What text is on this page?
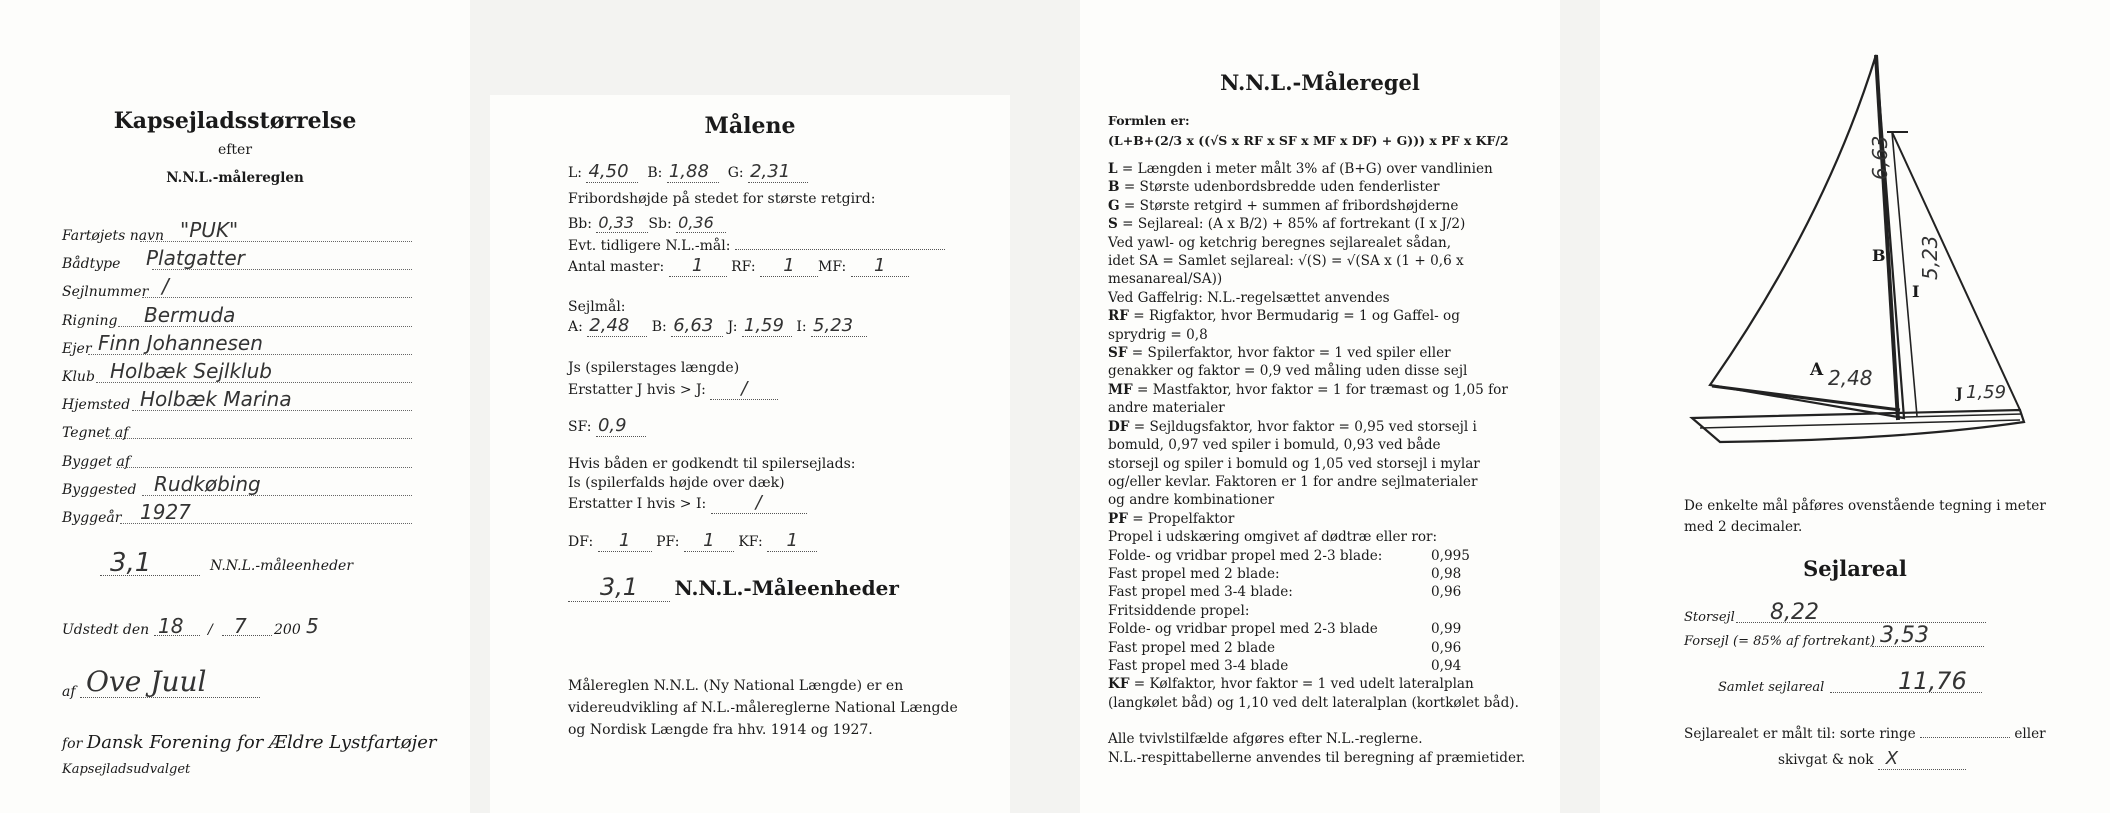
Kapsejladsstørrelse
efter
N.N.L.-målereglen
Fartøjets navn "PUK"
Bådtype Platgatter
Sejlnummer /
Rigning Bermuda
Ejer Finn Johannesen
Klub Holbæk Sejlklub
Hjemsted Holbæk Marina
Tegnet af
Bygget af
Byggested Rudkøbing
Byggeår 1927
3,1	N.N.L.-måleenheder
Udstedt den 18 / 7 200 5
af Ove Juul
for Dansk Forening for Ældre Lystfartøjer
Kapsejladsudvalget
Målene
L: 4,50 B: 1,88 G: 2,31
Fribordshøjde på stedet for største retgird:
Bb: 0,33 Sb: 0,36
Evt. tidligere N.L.-mål:
Antal master: 1 RF: 1 MF: 1
Sejlmål:
A: 2,48 B: 6,63 J: 1,59 I: 5,23
Js (spilerstages længde)
Erstatter J hvis > J: /
SF: 0,9
Hvis båden er godkendt til spilersejlads:
Is (spilerfalds højde over dæk)
Erstatter I hvis > I:	/
DF: 1 PF: 1 KF: 1
3,1 N.N.L.-Måleenheder
Målereglen N.N.L. (Ny National Længde) er en
videreudvikling af N.L.-målereglerne National Længde
og Nordisk Længde fra hhv. 1914 og 1927.
N.N.L.-Måleregel
Formlen er:
(L+B+(2/3 x ((√S x RF x SF x MF x DF) + G))) x PF x KF/2

L = Længden i meter målt 3% af (B+G) over vandlinien

B = Største udenbordsbredde uden fenderlister

G = Største retgird + summen af fribordshøjderne

S = Sejlareal: (A x B/2) + 85% af fortrekant (I x J/2)

Ved yawl- og ketchrig beregnes sejlarealet sådan,

idet SA = Samlet sejlareal: √(S) = √(SA x (1 + 0,6 x

mesanareal/SA))

Ved Gaffelrig: N.L.-regelsættet anvendes

RF = Rigfaktor, hvor Bermudarig = 1 og Gaffel- og

sprydrig = 0,8

SF = Spilerfaktor, hvor faktor = 1 ved spiler eller

genakker og faktor = 0,9 ved måling uden disse sejl

MF = Mastfaktor, hvor faktor = 1 for træmast og 1,05 for

andre materialer

DF = Sejldugsfaktor, hvor faktor = 0,95 ved storsejl i

bomuld, 0,97 ved spiler i bomuld, 0,93 ved både

storsejl og spiler i bomuld og 1,05 ved storsejl i mylar

og/eller kevlar. Faktoren er 1 for andre sejlmaterialer

og andre kombinationer

PF = Propelfaktor

Propel i udskæring omgivet af dødtræ eller ror:

Folde- og vridbar propel med 2-3 blade:	0,995
Fast propel med 2 blade:	0,98
Fast propel med 3-4 blade:	0,96

Fritsiddende propel:

Folde- og vridbar propel med 2-3 blade	0,99
Fast propel med 2 blade	0,96
Fast propel med 3-4 blade	0,94

KF = Kølfaktor, hvor faktor = 1 ved udelt lateralplan

(langkølet båd) og 1,10 ved delt lateralplan (kortkølet båd).

Alle tvivlstilfælde afgøres efter N.L.-reglerne.

N.L.-respittabellerne anvendes til beregning af præmietider.

6,63
B 5,23
I
A 2,48
J 1,59
De enkelte mål påføres ovenstående tegning i meter
med 2 decimaler.
Sejlareal
Storsejl 8,22
Forsejl (= 85% af fortrekant) 3,53
Samlet sejlareal	11,76
Sejlarealet er målt til: sorte ringe	eller
skivgat & nok X
